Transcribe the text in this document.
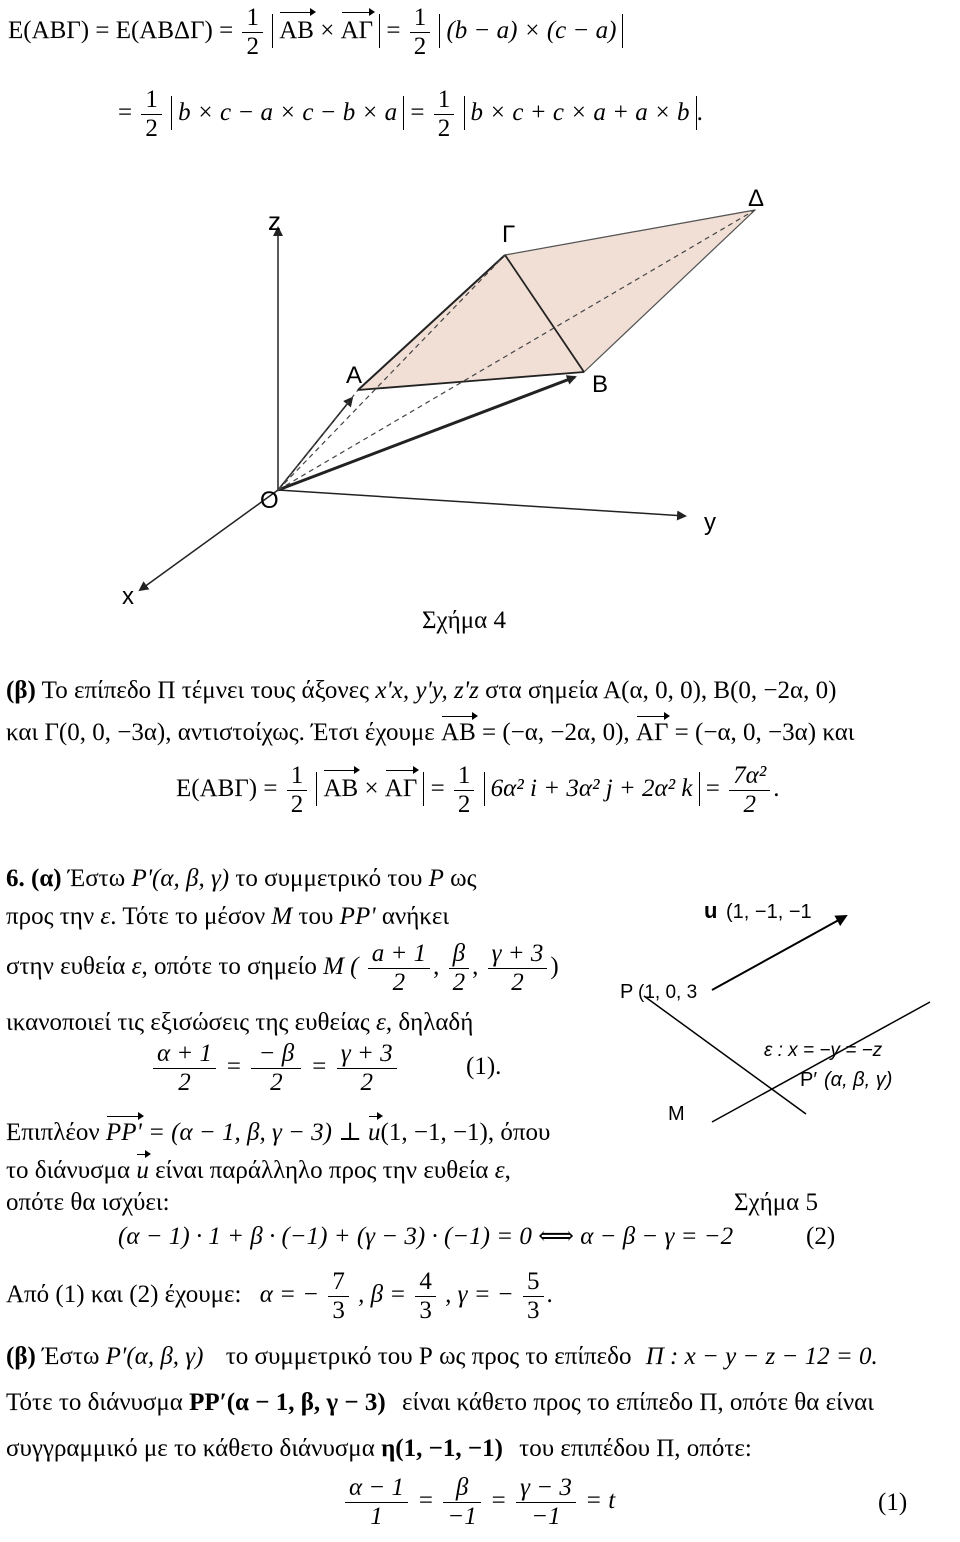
$E(AB\Gamma) = E(AB\Delta\Gamma) = \frac{1}{2}$ $AB \times A\Gamma = \frac{1}{2} (b - a) \times (c - a)$
= $\frac{1}{2}$ $b \times c - a \times c - b \times a = \frac{1}{2}$ b × c + c × a + a × b .
z
y
x
O
A	B
Γ
Δ
Σχήμα 4
(β) Το επίπεδο Π τέμνει τους άξονες x'x, y'y, z'z στα σημεία Α(α, 0, 0), Β(0, −2α, 0)
και Γ(0, 0, −3α), αντιστοίχως. Έτσι έχουμε ΑΒ = (−α, −2α, 0), ΑΓ = (−α, 0, −3α) και
$E(AB\Gamma) = \frac{1}{2}$ $AB \times A\Gamma = \frac{1}{2} 6\alpha^2$ i + 3α² j + 2α² $k = \frac{\text{7α²}}{2}$ .
6. (α) Έστω P'(α, β, γ) το συμμετρικό του P ως
προς την ε. Τότε το μέσον M του PP' ανήκει
στην ευθεία ε, οπότε το σημείο M ( $\frac{a + 1}{2}$ , $\frac{\beta}{2}$ , $\frac{\gamma + 3}{2}$ )
ικανοποιεί τις εξισώσεις της ευθείας ε, δηλαδή
$\frac{\alpha + 1}{2} = \frac{- \beta}{2} = \frac{\gamma + 3}{2}$	(1).
Επιπλέον PP' = (α − 1, β, γ − 3) ⊥ u(1, −1, −1), όπου
το διάνυσμα u είναι παράλληλο προς την ευθεία ε,
οπότε θα ισχύει:	Σχήμα 5
(α − 1) · 1 + β · (−1) + (γ − 3) · (−1) = 0 ⟺ α − β − γ = −2	(2)
Από (1) και (2) έχουμε: α = − $\frac{7}{3}$ , $\beta = \frac{4}{3}$ , γ = − $\frac{5}{3}$ .
u (1, −1, −1
P (1, 0, 3
ε : x = −y = −z
P′ (α, β, γ)
M
(β) Έστω P′(α, β, γ) το συμμετρικό του Ρ ως προς το επίπεδο Π : x − y − z − 12 = 0.
Τότε το διάνυσμα PP′(α − 1, β, γ − 3) είναι κάθετο προς το επίπεδο Π, οπότε θα είναι
συγγραμμικό με το κάθετο διάνυσμα η(1, −1, −1) του επιπέδου Π, οπότε:
$\frac{\alpha - 1}{1} = \frac{\beta}{-1} = \frac{\gamma - 3}{-1} = t$	(1)
